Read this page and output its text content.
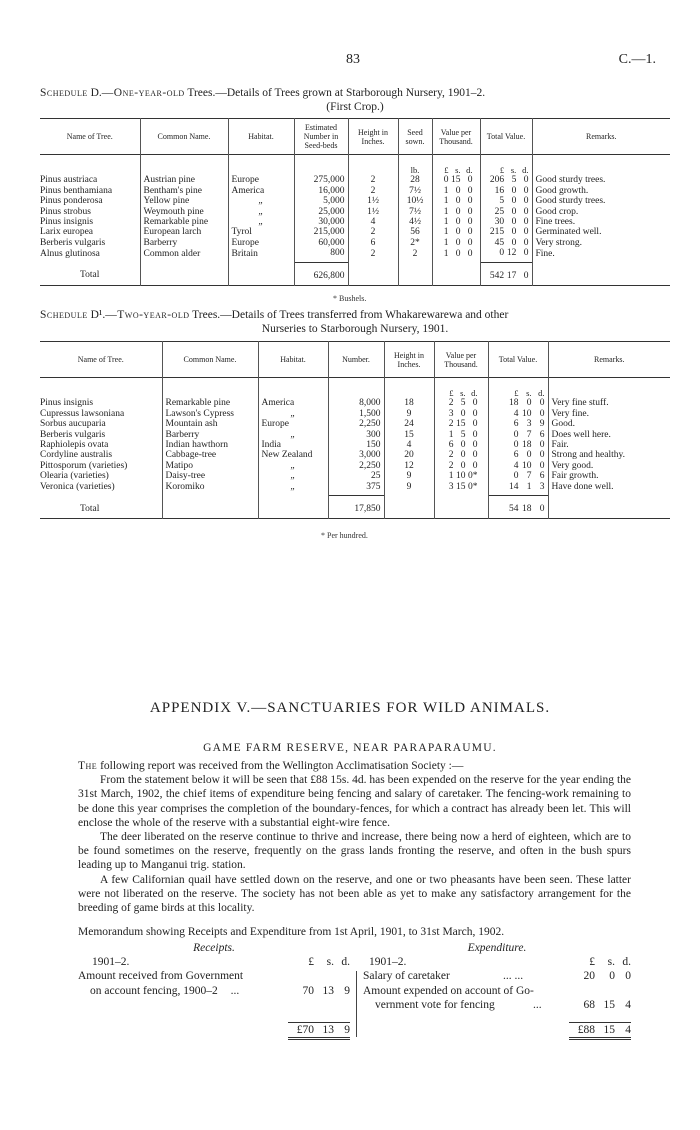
83	C.—1.
Schedule D.—One-year-old Trees.—Details of Trees grown at Starborough Nursery, 1901–2.
(First Crop.)
Name of Tree.	Common Name.	Habitat.	Estimated Number in Seed-beds	Height in Inches.	Seed sown.	Value per Thousand.	Total Value.	Remarks.
					lb.	£ s. d.	£ s. d.	

Pinus austriaca	Austrian pine	Europe	275,000	2	28	0 15 0	206 5 0	Good sturdy trees.
Pinus benthamiana	Bentham's pine	America	16,000	2	7½	1 0 0	16 0 0	Good growth.
Pinus ponderosa	Yellow pine	„	5,000	1½	10½	1 0 0	5 0 0	Good sturdy trees.
Pinus strobus	Weymouth pine	„	25,000	1½	7½	1 0 0	25 0 0	Good crop.
Pinus insignis	Remarkable pine	„	30,000	4	4½	1 0 0	30 0 0	Fine trees.
Larix europea	European larch	Tyrol	215,000	2	56	1 0 0	215 0 0	Germinated well.
Berberis vulgaris	Barberry	Europe	60,000	6	2*	1 0 0	45 0 0	Very strong.
Alnus glutinosa	Common alder	Britain	800	2	2	1 0 0	0 12 0	Fine.
Total			626,800				542 17 0	

* Bushels.
Schedule D¹.—Two-year-old Trees.—Details of Trees transferred from Whakarewarewa and other
Nurseries to Starborough Nursery, 1901.
Name of Tree.	Common Name.	Habitat.	Number.	Height in Inches.	Value per Thousand.	Total Value.	Remarks.

					£ s. d.	£ s. d.	

Pinus insignis	Remarkable pine	America	8,000	18	2 5 0	18 0 0	Very fine stuff.
Cupressus lawsoniana	Lawson's Cypress	„	1,500	9	3 0 0	4 10 0	Very fine.
Sorbus aucuparia	Mountain ash	Europe	2,250	24	2 15 0	6 3 9	Good.
Berberis vulgaris	Barberry	„	300	15	1 5 0	0 7 6	Does well here.
Raphiolepis ovata	Indian hawthorn	India	150	4	6 0 0	0 18 0	Fair.
Cordyline australis	Cabbage-tree	New Zealand	3,000	20	2 0 0	6 0 0	Strong and healthy.
Pittosporum (varieties)	Matipo	„	2,250	12	2 0 0	4 10 0	Very good.
Olearia (varieties)	Daisy-tree	„	25	9	1 10 0*	0 7 6	Fair growth.
Veronica (varieties)	Koromiko	„	375	9	3 15 0*	14 1 3	Have done well.
Total			17,850			54 18 0	

* Per hundred.
APPENDIX V.—SANCTUARIES FOR WILD ANIMALS.
GAME FARM RESERVE, NEAR PARAPARAUMU.

The following report was received from the Wellington Acclimatisation Society :—

From the statement below it will be seen that £88 15s. 4d. has been expended on the reserve for the year ending the 31st March, 1902, the chief items of expenditure being fencing and salary of caretaker. The fencing-work remaining to be done this year comprises the completion of the boundary-fences, for which a contract has already been let. This will enclose the whole of the reserve with a substantial eight-wire fence.

The deer liberated on the reserve continue to thrive and increase, there being now a herd of eighteen, which are to be found sometimes on the reserve, frequently on the grass lands fronting the reserve, and often in the bush spurs leading up to Manganui trig. station.

A few Californian quail have settled down on the reserve, and one or two pheasants have been seen. These latter were not liberated on the reserve. The society has not been able as yet to make any satisfactory arrangement for the breeding of game birds at this locality.

Memorandum showing Receipts and Expenditure from 1st April, 1901, to 31st March, 1902.
Receipts.
1901–2.	£	s. d.
Amount received from Government
on account fencing, 1900–2 ...	70 13 9
£70 13 9
Expenditure.
1901–2.	£	s. d.
Salary of caretaker	... ...	20	0 0
Amount expended on account of Go-
vernment vote for fencing	...	68 15 4
£88 15 4
